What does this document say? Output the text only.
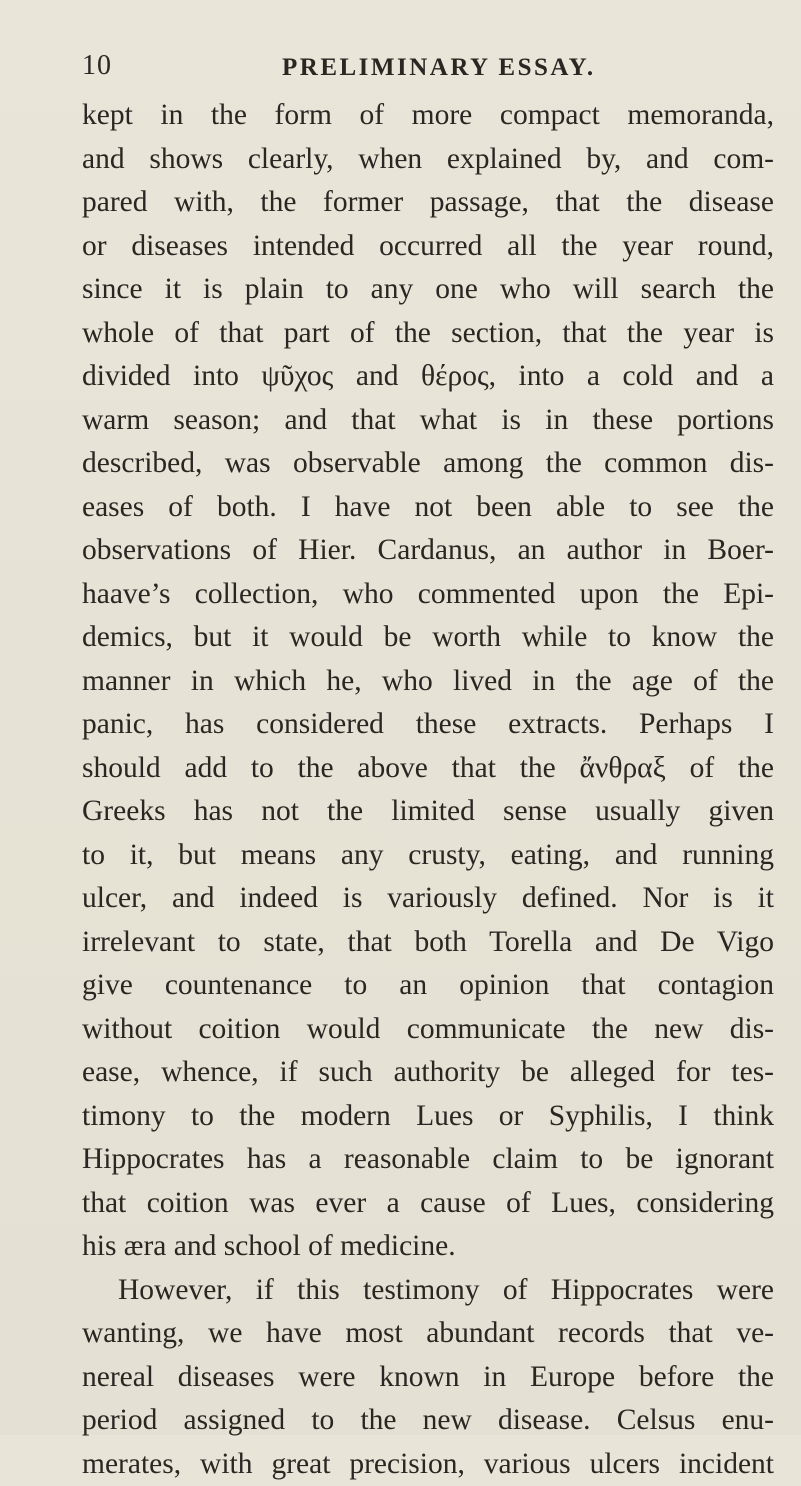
10	PRELIMINARY ESSAY.
kept in the form of more compact memoranda,
and shows clearly, when explained by, and com-
pared with, the former passage, that the disease
or diseases intended occurred all the year round,
since it is plain to any one who will search the
whole of that part of the section, that the year is
divided into ψῦχος and θέρος, into a cold and a
warm season; and that what is in these portions
described, was observable among the common dis-
eases of both. I have not been able to see the
observations of Hier. Cardanus, an author in Boer-
haave’s collection, who commented upon the Epi-
demics, but it would be worth while to know the
manner in which he, who lived in the age of the
panic, has considered these extracts. Perhaps I
should add to the above that the ἄνθραξ of the
Greeks has not the limited sense usually given
to it, but means any crusty, eating, and running
ulcer, and indeed is variously defined. Nor is it
irrelevant to state, that both Torella and De Vigo
give countenance to an opinion that contagion
without coition would communicate the new dis-
ease, whence, if such authority be alleged for tes-
timony to the modern Lues or Syphilis, I think
Hippocrates has a reasonable claim to be ignorant
that coition was ever a cause of Lues, considering
his æra and school of medicine.
However, if this testimony of Hippocrates were
wanting, we have most abundant records that ve-
nereal diseases were known in Europe before the
period assigned to the new disease. Celsus enu-
merates, with great precision, various ulcers incident
